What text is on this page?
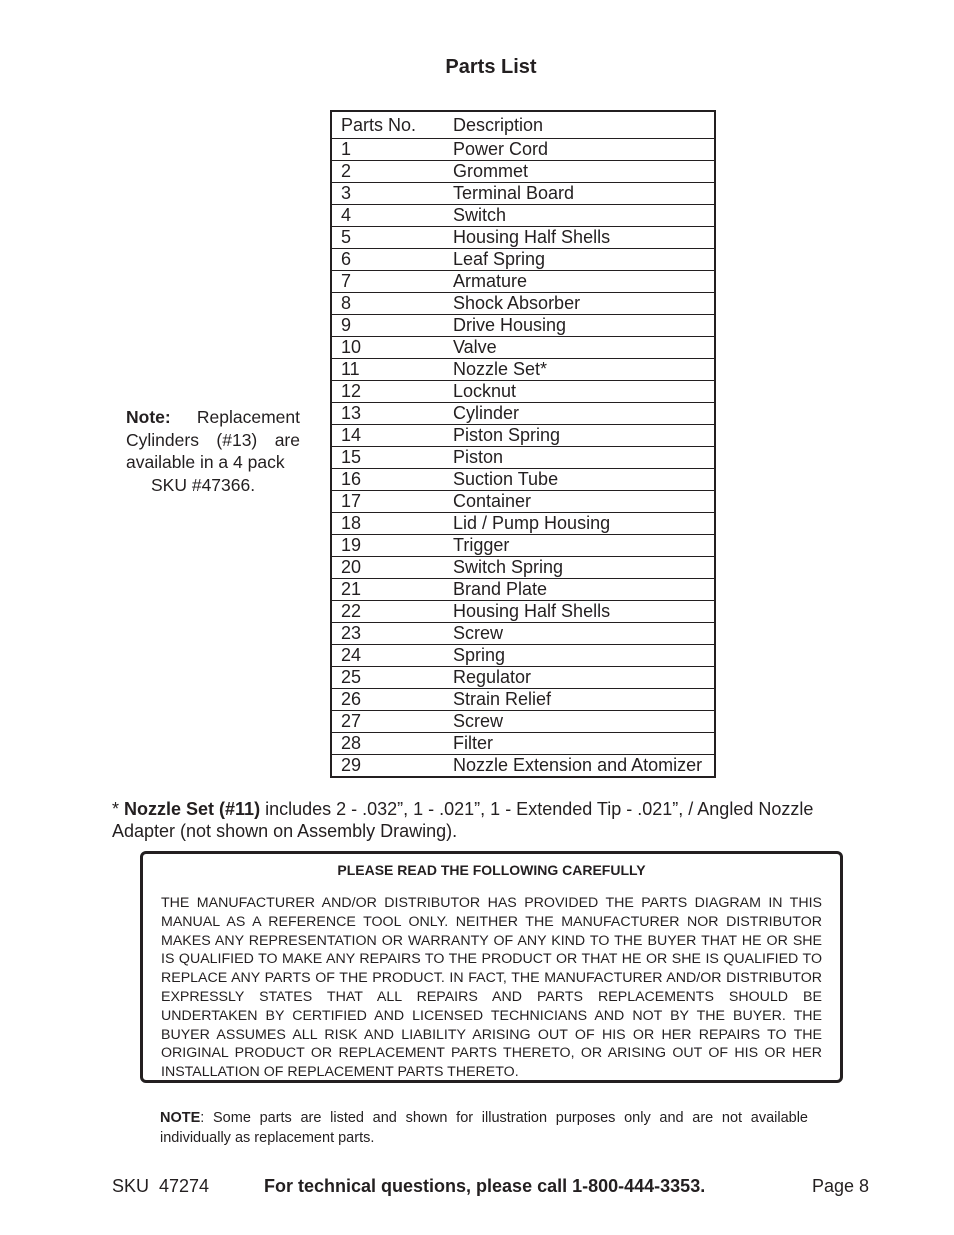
Parts List
Note: Replacement Cylinders (#13) are available in a 4 pack
SKU #47366.
Parts No.	Description
1	Power Cord
2	Grommet
3	Terminal Board
4	Switch
5	Housing Half Shells
6	Leaf Spring
7	Armature
8	Shock Absorber
9	Drive Housing
10	Valve
11	Nozzle Set*
12	Locknut
13	Cylinder
14	Piston Spring
15	Piston
16	Suction Tube
17	Container
18	Lid / Pump Housing
19	Trigger
20	Switch Spring
21	Brand Plate
22	Housing Half Shells
23	Screw
24	Spring
25	Regulator
26	Strain Relief
27	Screw
28	Filter
29	Nozzle Extension and Atomizer
* Nozzle Set (#11) includes 2 - .032”, 1 - .021”, 1 - Extended Tip - .021”, / Angled Nozzle Adapter (not shown on Assembly Drawing).
PLEASE READ THE FOLLOWING CAREFULLY
THE MANUFACTURER AND/OR DISTRIBUTOR HAS PROVIDED THE PARTS DIAGRAM IN THIS MANUAL AS A REFERENCE TOOL ONLY. NEITHER THE MANUFACTURER NOR DISTRIBUTOR MAKES ANY REPRESENTATION OR WARRANTY OF ANY KIND TO THE BUYER THAT HE OR SHE IS QUALIFIED TO MAKE ANY REPAIRS TO THE PRODUCT OR THAT HE OR SHE IS QUALIFIED TO REPLACE ANY PARTS OF THE PRODUCT. IN FACT, THE MANUFACTURER AND/OR DISTRIBUTOR EXPRESSLY STATES THAT ALL REPAIRS AND PARTS REPLACEMENTS SHOULD BE UNDERTAKEN BY CERTIFIED AND LICENSED TECHNICIANS AND NOT BY THE BUYER. THE BUYER ASSUMES ALL RISK AND LIABILITY ARISING OUT OF HIS OR HER REPAIRS TO THE ORIGINAL PRODUCT OR REPLACEMENT PARTS THERETO, OR ARISING OUT OF HIS OR HER INSTALLATION OF REPLACEMENT PARTS THERETO.
NOTE: Some parts are listed and shown for illustration purposes only and are not available individually as replacement parts.
SKU  47274	For technical questions, please call 1-800-444-3353.	Page 8
